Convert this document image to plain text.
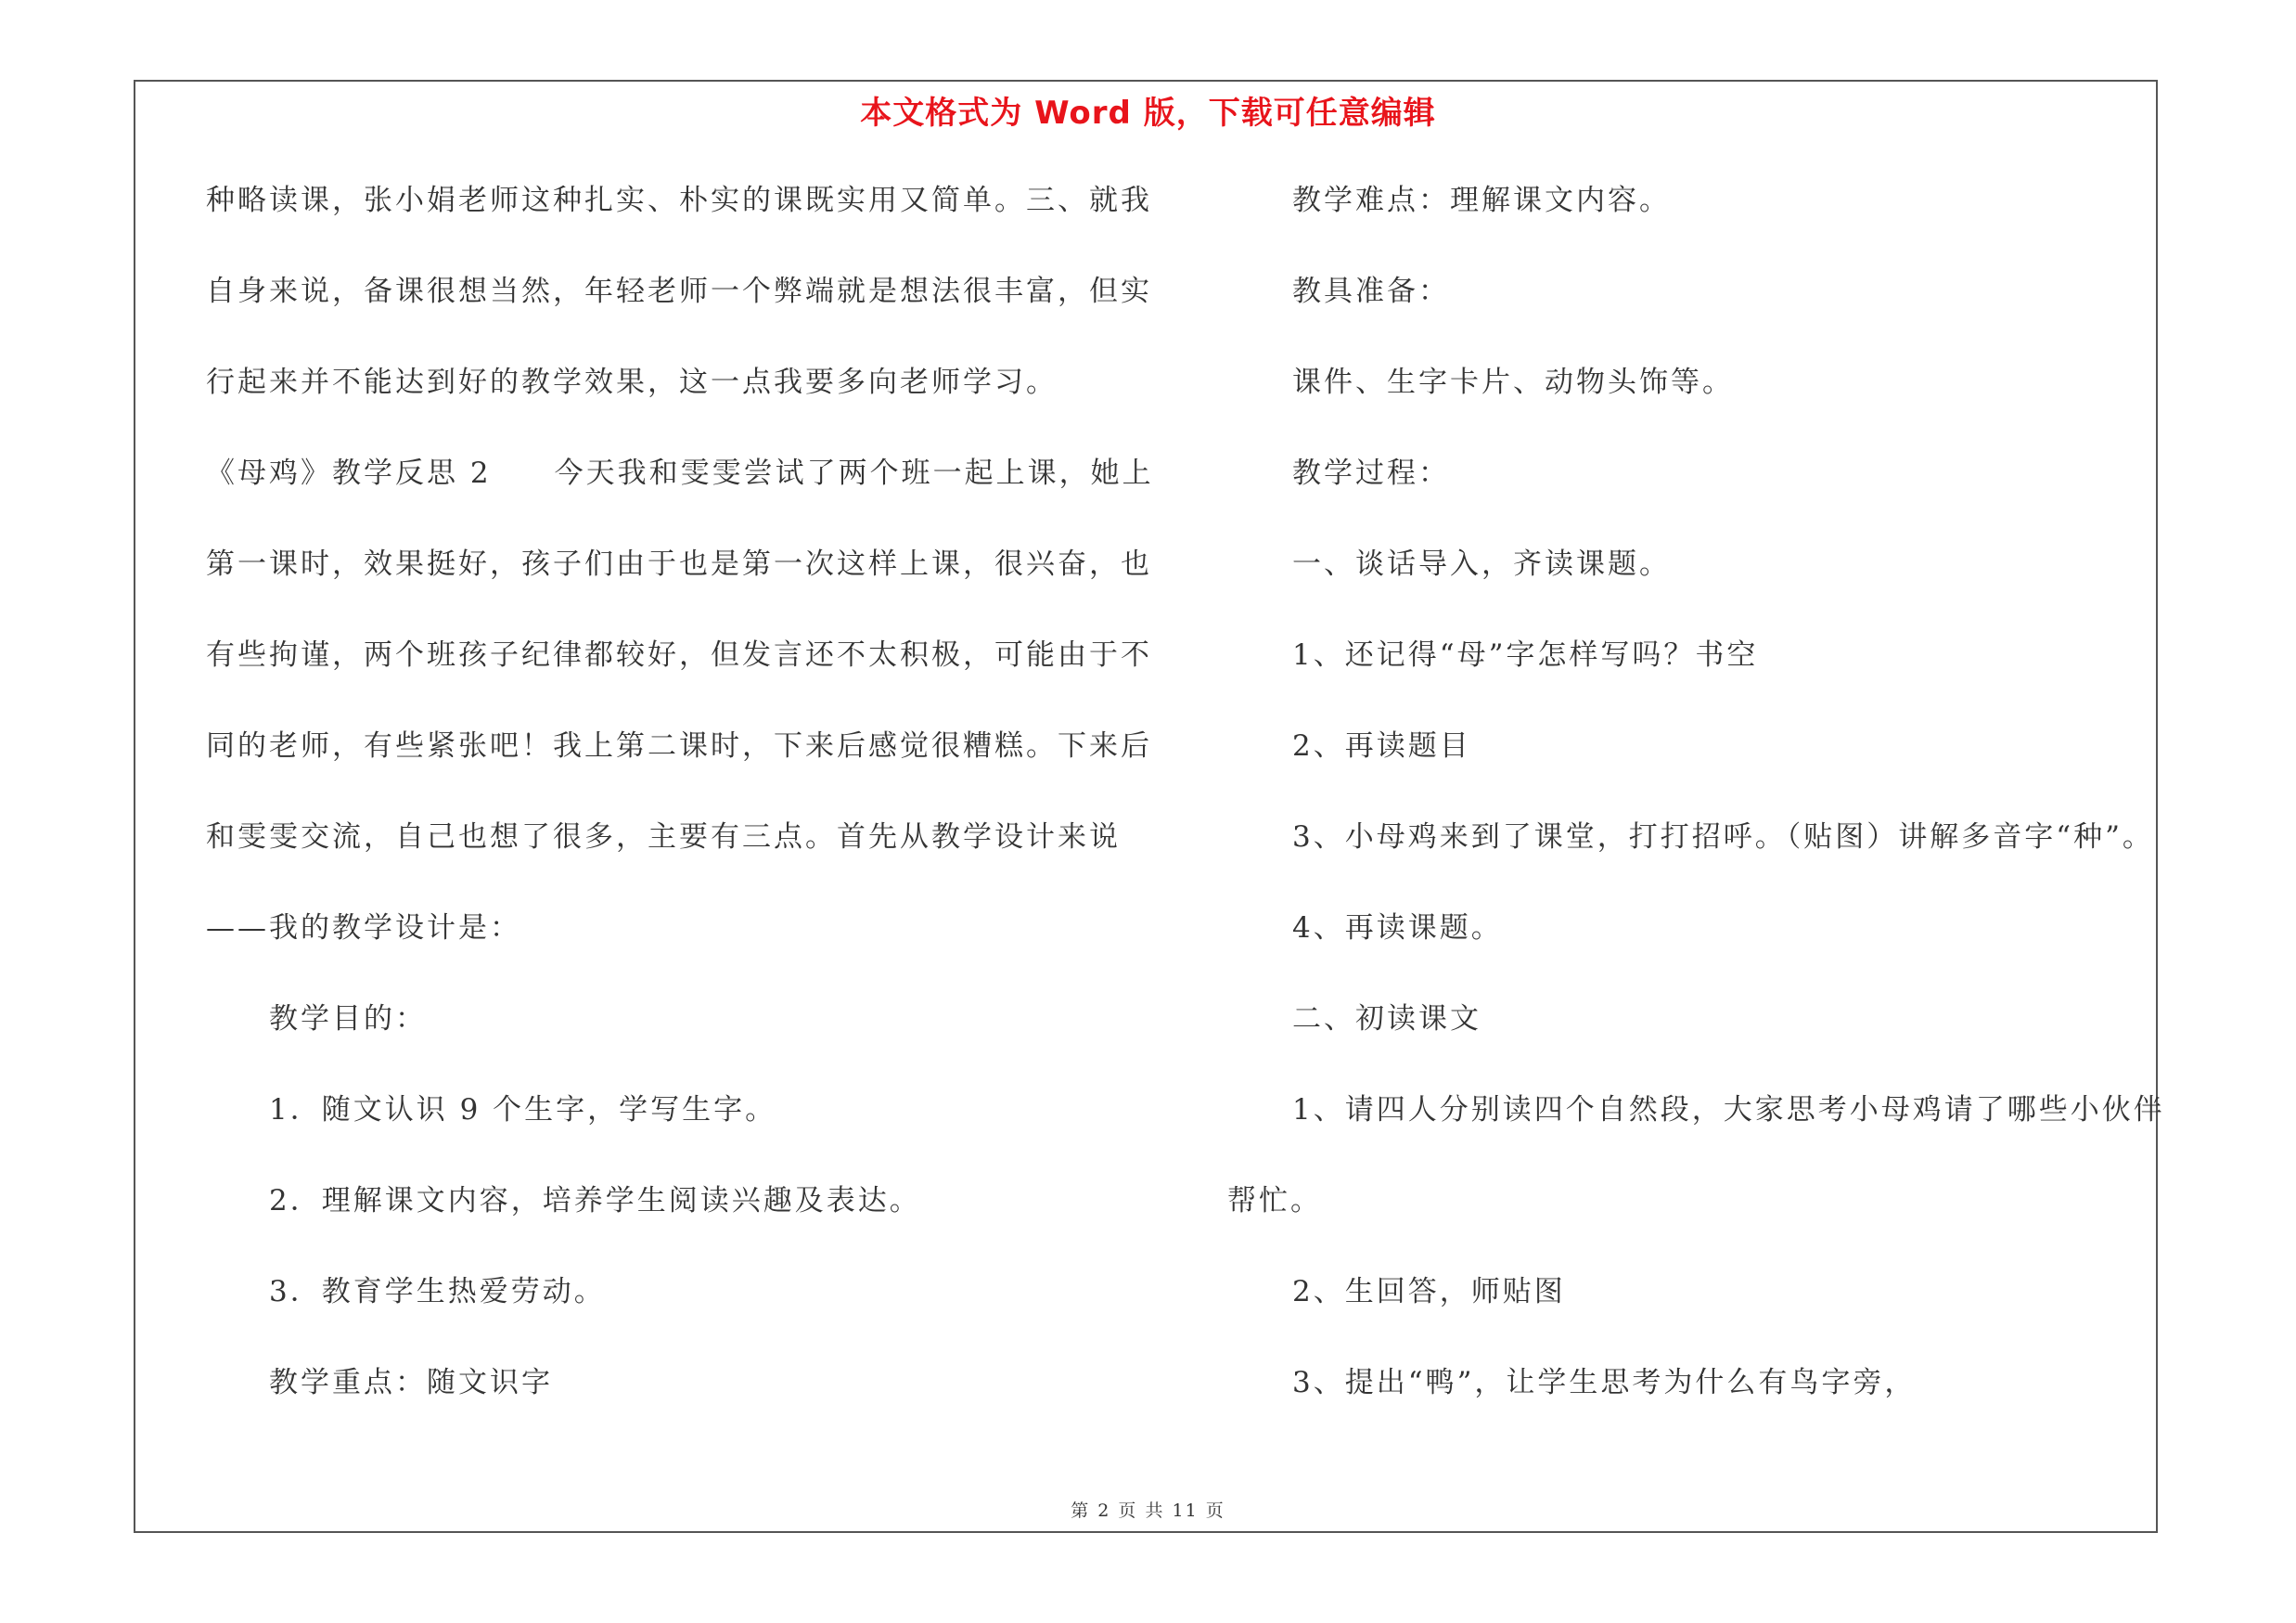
本文格式为 Word 版，下载可任意编辑
种略读课，张小娟老师这种扎实、朴实的课既实用又简单。三、就我
自身来说，备课很想当然，年轻老师一个弊端就是想法很丰富，但实
行起来并不能达到好的教学效果，这一点我要多向老师学习。
《母鸡》教学反思 2　　今天我和雯雯尝试了两个班一起上课，她上
第一课时，效果挺好，孩子们由于也是第一次这样上课，很兴奋，也
有些拘谨，两个班孩子纪律都较好，但发言还不太积极，可能由于不
同的老师，有些紧张吧！我上第二课时，下来后感觉很糟糕。下来后
和雯雯交流，自己也想了很多，主要有三点。首先从教学设计来说
——我的教学设计是：
教学目的：
1．随文认识 9 个生字，学写生字。
2．理解课文内容，培养学生阅读兴趣及表达。
3．教育学生热爱劳动。
教学重点：随文识字
教学难点：理解课文内容。
教具准备：
课件、生字卡片、动物头饰等。
教学过程：
一、谈话导入，齐读课题。
1、还记得“母”字怎样写吗？书空
2、再读题目
3、小母鸡来到了课堂，打打招呼。（贴图）讲解多音字“种”。
4、再读课题。
二、初读课文
1、请四人分别读四个自然段，大家思考小母鸡请了哪些小伙伴
帮忙。
2、生回答，师贴图
3、提出“鸭”，让学生思考为什么有鸟字旁，
第 2 页 共 11 页
